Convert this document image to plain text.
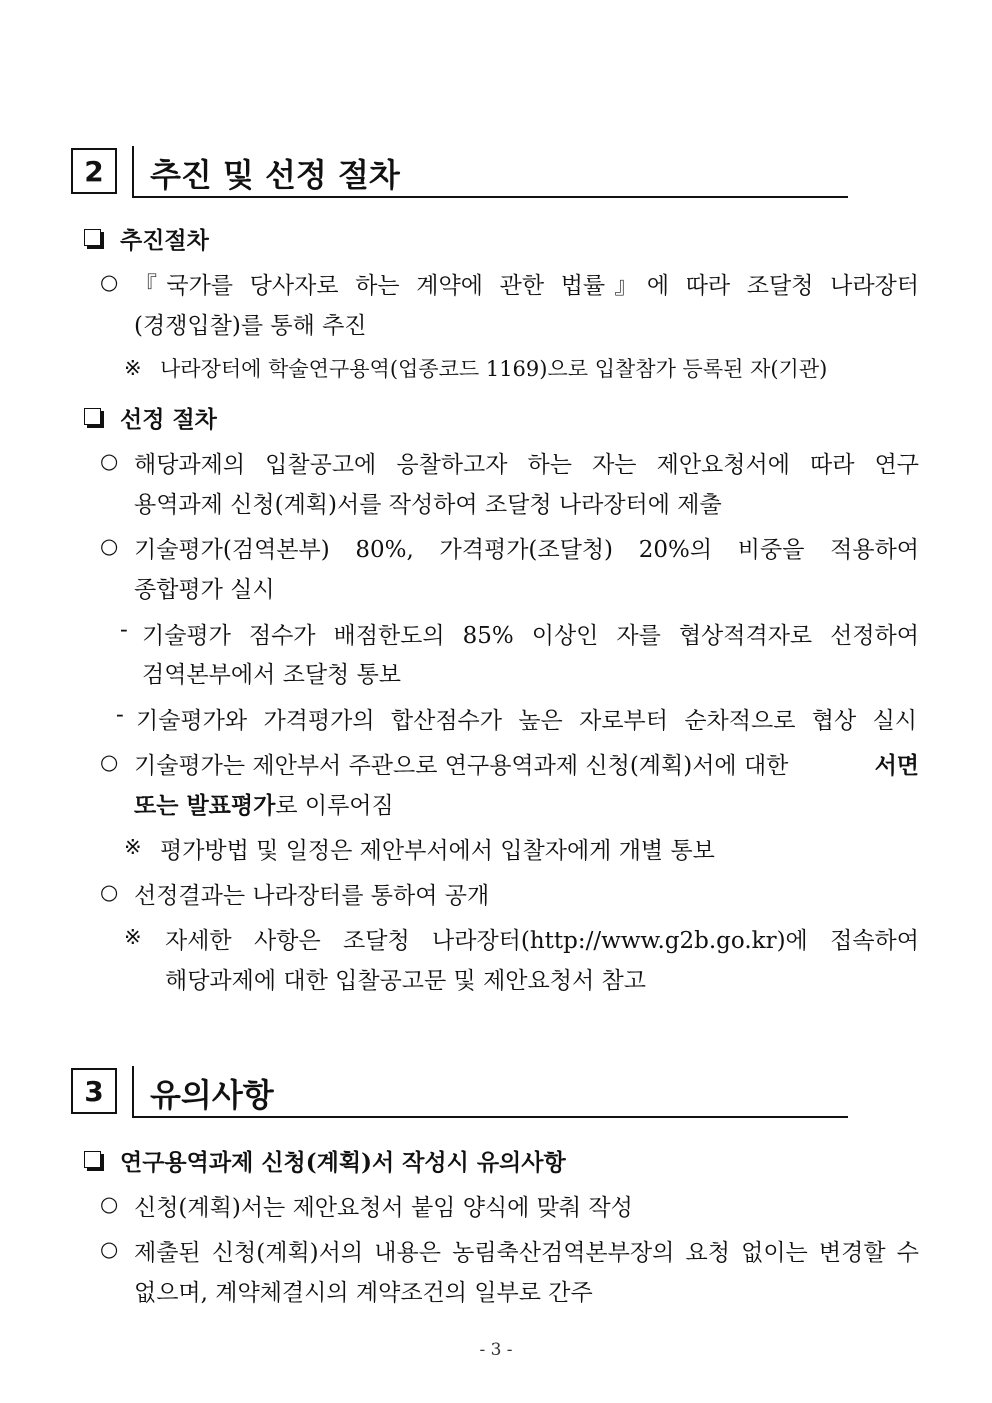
2 추진 및 선정 절차
추진절차
○ 『국가를 당사자로 하는 계약에 관한 법률』에 따라 조달청 나라장터
(경쟁입찰)를 통해 추진
※ 나라장터에 학술연구용역(업종코드 1169)으로 입찰참가 등록된 자(기관)
선정 절차
○ 해당과제의 입찰공고에 응찰하고자 하는 자는 제안요청서에 따라 연구
용역과제 신청(계획)서를 작성하여 조달청 나라장터에 제출
○ 기술평가(검역본부) 80%, 가격평가(조달청) 20%의 비중을 적용하여
종합평가 실시
- 기술평가 점수가 배점한도의 85% 이상인 자를 협상적격자로 선정하여
검역본부에서 조달청 통보
- 기술평가와 가격평가의 합산점수가 높은 자로부터 순차적으로 협상 실시
○ 기술평가는 제안부서 주관으로 연구용역과제 신청(계획)서에 대한	서면
또는 발표평가로 이루어짐
※ 평가방법 및 일정은 제안부서에서 입찰자에게 개별 통보
○ 선정결과는 나라장터를 통하여 공개
※ 자세한 사항은 조달청 나라장터(http://www.g2b.go.kr)에 접속하여
해당과제에 대한 입찰공고문 및 제안요청서 참고
3 유의사항
연구용역과제 신청(계획)서 작성시 유의사항
○ 신청(계획)서는 제안요청서 붙임 양식에 맞춰 작성
○ 제출된 신청(계획)서의 내용은 농림축산검역본부장의 요청 없이는 변경할 수
없으며, 계약체결시의 계약조건의 일부로 간주
- 3 -
